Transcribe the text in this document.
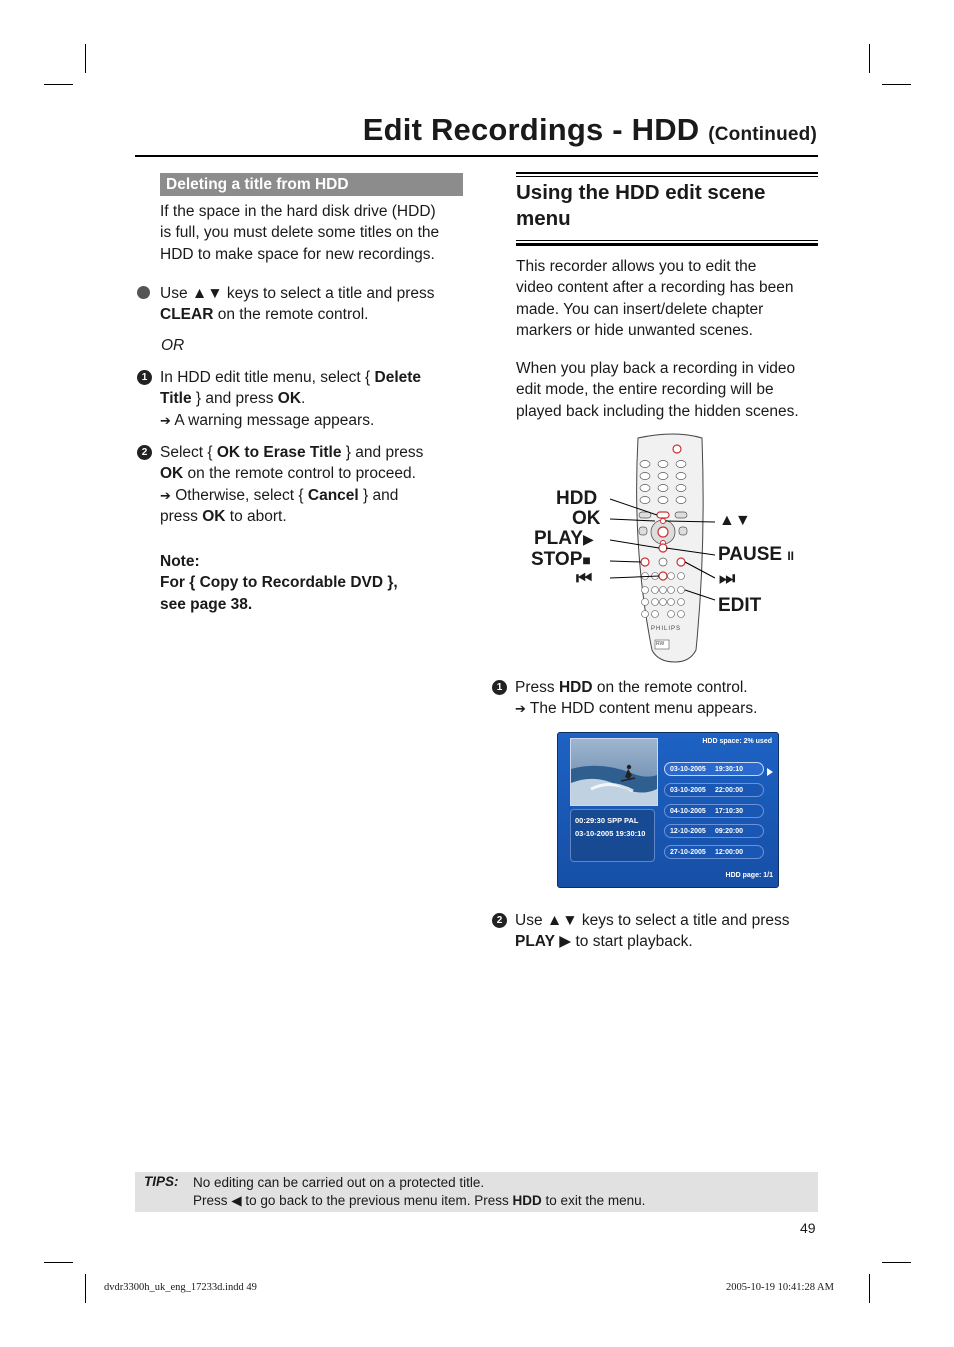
Edit Recordings - HDD (Continued)
Deleting a title from HDD
If the space in the hard disk drive (HDD)
is full, you must delete some titles on the
HDD to make space for new recordings.
Use ▲▼ keys to select a title and press
CLEAR on the remote control.
OR
1 In HDD edit title menu, select { Delete
Title } and press OK.
➔ A warning message appears.
2 Select { OK to Erase Title } and press
OK on the remote control to proceed.
➔ Otherwise, select { Cancel } and
press OK to abort.
Note:
For { Copy to Recordable DVD },
see page 38.
Using the HDD edit scene
menu
This recorder allows you to edit the
video content after a recording has been
made. You can insert/delete chapter
markers or hide unwanted scenes.
When you play back a recording in video
edit mode, the entire recording will be
played back including the hidden scenes.
PHILIPS
RW
HDD
OK
PLAY▶
STOP■
⏮
▲▼
PAUSE II
⏭
EDIT
1 Press HDD on the remote control.
➔ The HDD content menu appears.
HDD space: 2% used
00:29:30 SPP PAL
03-10-2005 19:30:10
03-10-2005 19:30:10
03-10-2005 22:00:00
04-10-2005 17:10:30
12-10-2005 09:20:00
27-10-2005 12:00:00
HDD page: 1/1
2 Use ▲▼ keys to select a title and press
PLAY ▶ to start playback.
TIPS: No editing can be carried out on a protected title.
Press ◀ to go back to the previous menu item. Press HDD to exit the menu.
49
dvdr3300h_uk_eng_17233d.indd 49	2005-10-19 10:41:28 AM
